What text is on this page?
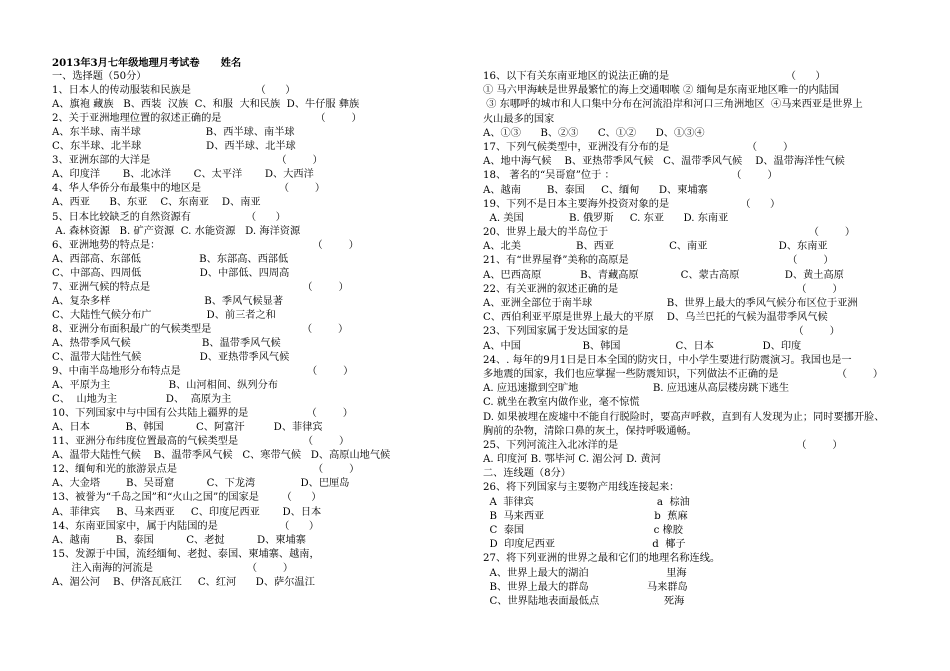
2013年3月七年级地理月考试卷      姓名
一、选择题（50分）
1、日本人的传动服装和民族是                    （      ）
A、旗袍 藏族   B、西装  汉族  C、和服  大和民族  D、牛仔服 彝族
2、关于亚洲地理位置的叙述正确的是                             （        ）
A、东半球、南半球                    B、西半球、南半球
C、东半球、北半球                    D、西半球、北半球
3、亚洲东部的大洋是                                       （        ）
A、印度洋       B、北冰洋       C、太平洋       D、大西洋
4、华人华侨分布最集中的地区是                        （        ）
A、西亚      B、东亚    C、东南亚    D、南亚
5、日本比较缺乏的自然资源有                 （      ）
A. 森林资源   B. 矿产资源  C. 水能资源   D. 海洋资源
6、亚洲地势的特点是：                                               （        ）
A、西部高、东部低                  B、东部高、西部低
C、中部高、四周低                  D、中部低、四周高
7、亚洲气候的特点是                                               （        ）
A、复杂多样                             B、季风气候显著
C、大陆性气候分布广                 D、前三者之和
8、亚洲分布面积最广的气候类型是                            （        ）
A、热带季风气候                      B、温带季风气候
C、温带大陆性气候                  D、亚热带季风气候
9、中南半岛地形分布特点是                                       （        ）
A、平原为主                  B、山河相间、纵列分布
C、  山地为主               D、  高原为主
10、下列国家中与中国有公共陆上疆界的是                  （        ）
A、日本           B、韩国          C、阿富汗         D、菲律宾
11、亚洲分布纬度位置最高的气候类型是                    （        ）
A、温带大陆性气候    B、温带季风气候   C、寒带气候   D、高原山地气候
12、缅甸和光的旅游景点是                                          （        ）
A、大金塔        B、吴哥窟          C、下龙湾              D、巴厘岛
13、被誉为“千岛之国”和“火山之国”的国家是       （      ）
A、菲律宾     B、马来西亚     C、印度尼西亚       D、日本
14、东南亚国家中，属于内陆国的是                   （      ）
A、越南        B、泰国          C、老挝          D、柬埔寨
15、发源于中国，流经缅甸、老挝、泰国、柬埔寨、越南，
注入南海的河流是                             （        ）
A、湄公河    B、伊洛瓦底江     C、红河      D、萨尔温江
16、以下有关东南亚地区的说法正确的是                                    （      ）
① 马六甲海峡是世界最繁忙的海上交通咽喉 ② 缅甸是东南亚地区唯一的内陆国
③ 东哪呼的城市和人口集中分布在河流沿岸和河口三角洲地区  ④马来西亚是世界上
火山最多的国家
A、①③      B、②③      C、①②      D、①③④
17、下列气候类型中，亚洲没有分布的是                        （        ）
A、地中海气候    B、亚热带季风气候   C、温带季风气候    D、温带海洋性气候
18、 著名的“吴哥窟”位于 ：                                    （        ）
A、越南        B、泰国     C、缅甸      D、柬埔寨
19、下列不是日本主要海外投资对象的是                      （      ）
A. 美国              B. 俄罗斯     C. 东亚      D. 东南亚
20、世界上最大的半岛位于                                                              （        ）
A、北美                 B、西亚                 C、南亚                      D、东南亚
21、有“世界屋脊”美称的高原是                                                 （        ）
A、巴西高原            B、青藏高原             C、蒙古高原              D、黄土高原
22、有关亚洲的叙述正确的是                                                       （        ）
A、亚洲全部位于南半球                       B、世界上最大的季风气候分布区位于亚洲
C、西伯利亚平原是世界上最大的平原    D、乌兰巴托的气候为温带季风气候
23、下列国家属于发达国家的是                                                   （        ）
A、中国                   B、韩国                 C、日本               D、印度
24、. 每年的9月1日是日本全国的防灾日，中小学生要进行防震演习。我国也是一
多地震的国家，我们也应掌握一些防震知识，下列做法不正确的是                  （        ）
A. 应迅速撤到空旷地                       B. 应迅速从高层楼房跳下逃生
C. 就坐在教室内做作业，毫不惊慌
D. 如果被埋在废墟中不能自行脱险时，要高声呼救，直到有人发现为止；同时要挪开脸、
胸前的杂物，清除口鼻的灰土，保持呼吸通畅。
25、下列河流注入北冰洋的是                                                       （        ）
A. 印度河 B. 鄂毕河 C. 湄公河 D. 黄河
二、连线题（8分）
26、将下列国家与主要物产用线连接起来：
A  菲律宾                                      a  棕油
B  马来西亚                                  b  蕉麻
C  泰国                                        c 橡胶
D  印度尼西亚                              d  椰子
27、将下列亚洲的世界之最和它们的地理名称连线。
A、世界上最大的湖泊                        里海
B、世界上最大的群岛                  马来群岛
C、世界陆地表面最低点                    死海
